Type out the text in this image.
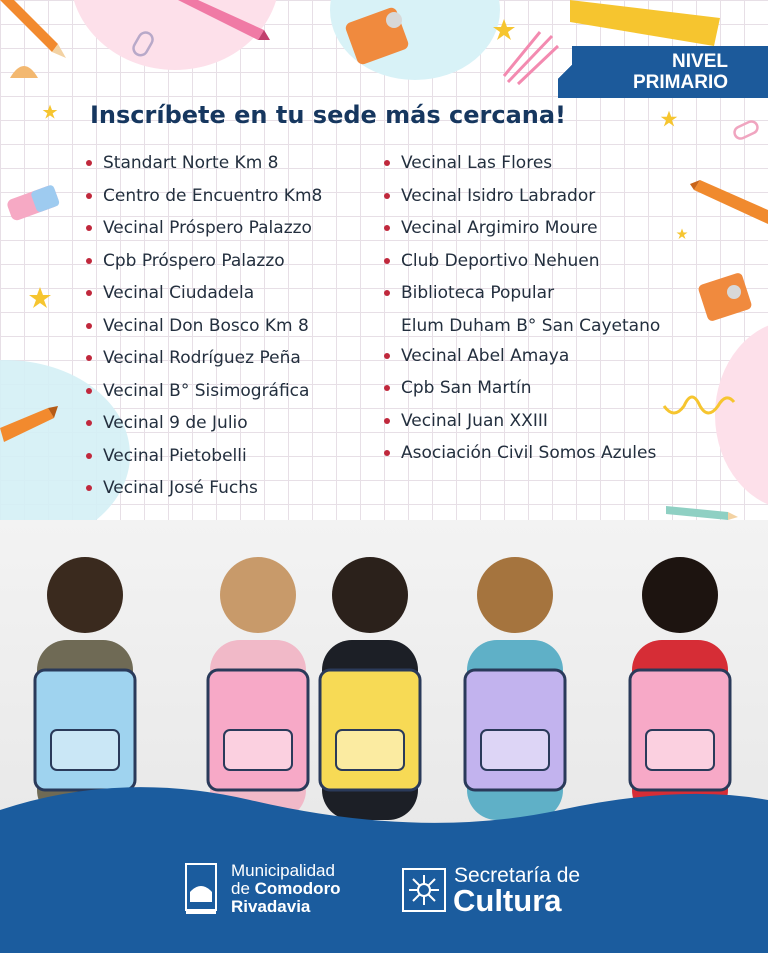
NIVEL
PRIMARIO
Inscríbete en tu sede más cercana!
Standart Norte Km 8
Centro de Encuentro Km8
Vecinal Próspero Palazzo
Cpb Próspero Palazzo
Vecinal Ciudadela
Vecinal Don Bosco Km 8
Vecinal Rodríguez Peña
Vecinal B° Sisimográfica
Vecinal 9 de Julio
Vecinal Pietobelli
Vecinal José Fuchs
Vecinal Las Flores
Vecinal Isidro Labrador
Vecinal Argimiro Moure
Club Deportivo Nehuen
Biblioteca Popular
Elum Duham B° San Cayetano
Vecinal Abel Amaya
Cpb San Martín
Vecinal Juan XXIII
Asociación Civil Somos Azules
Municipalidad
de Comodoro
Rivadavia
Secretaría de
Cultura
